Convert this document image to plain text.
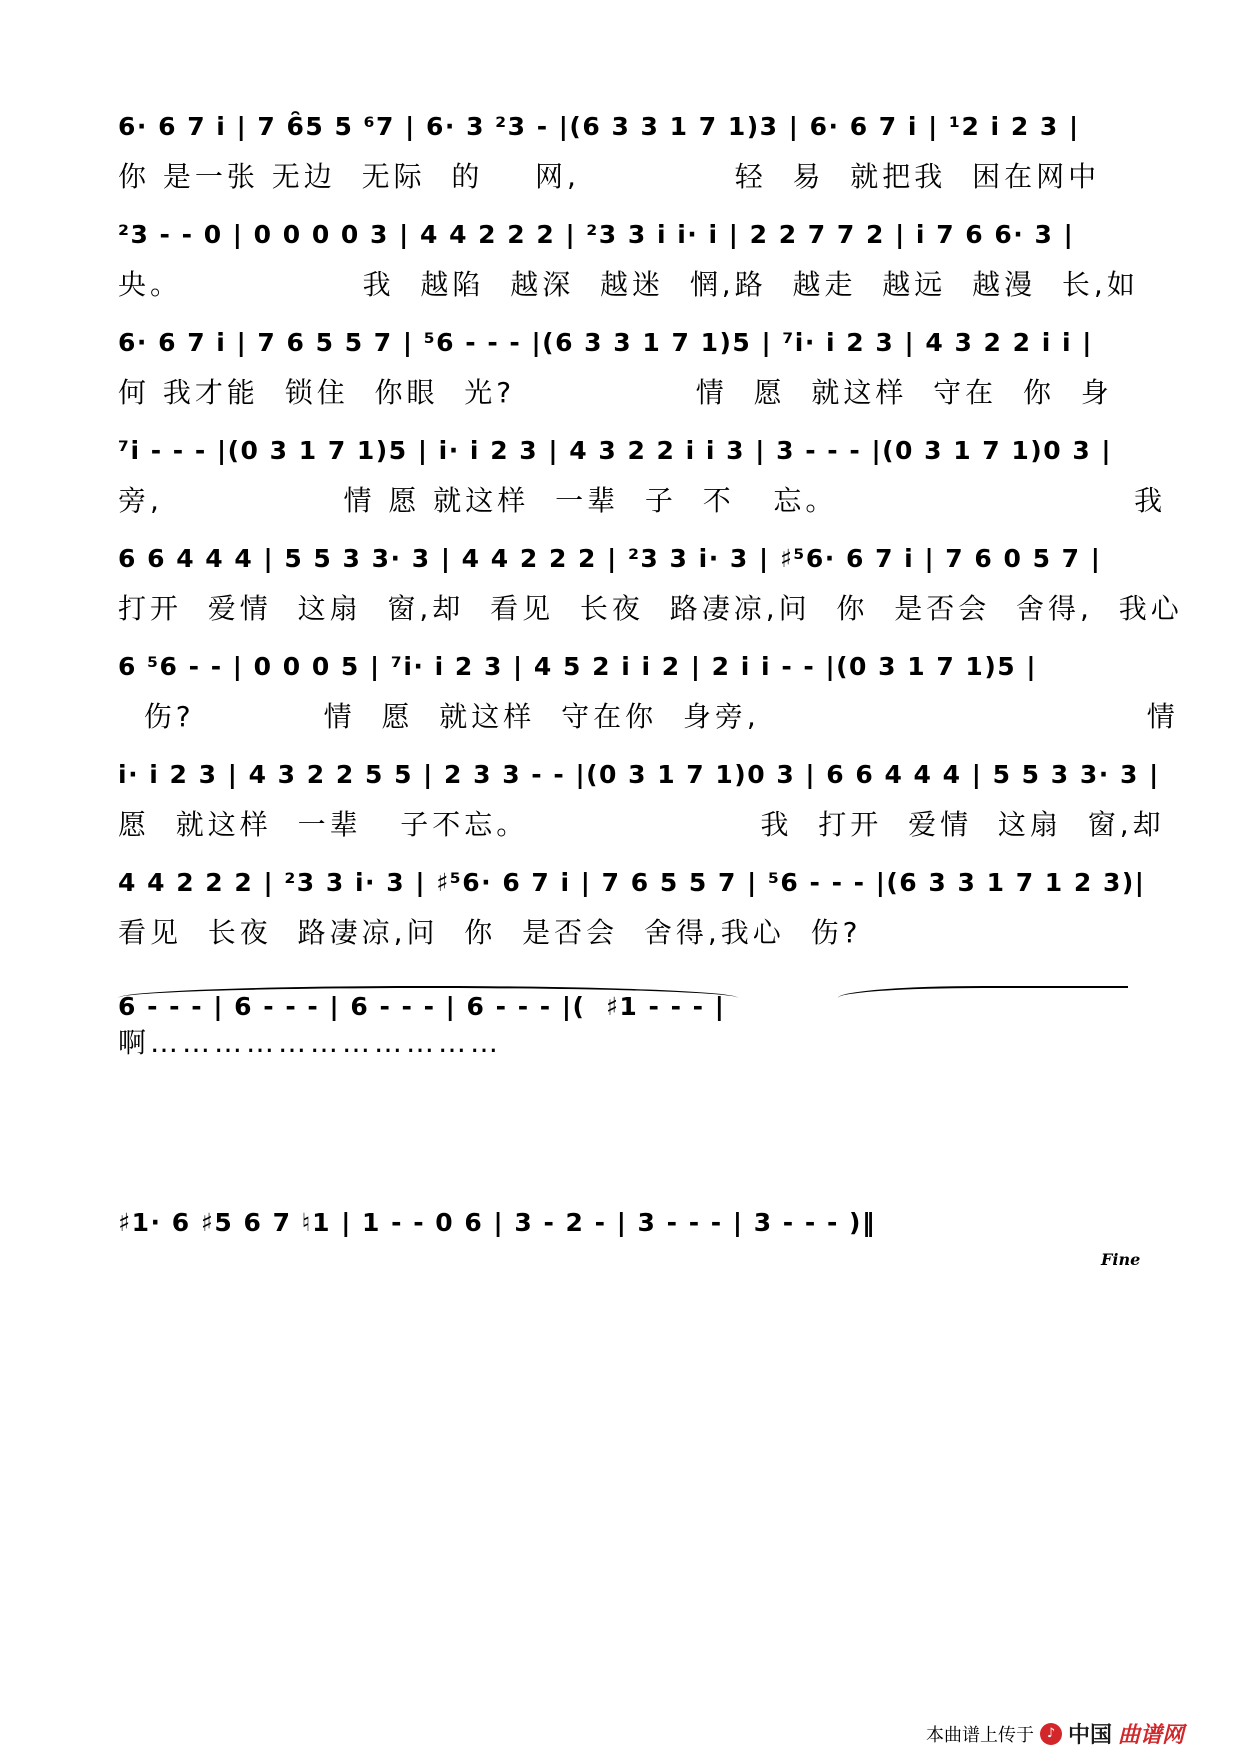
6· 6 7 i | 7 6̑5 5 ⁶7 | 6· 3 ²3 - |(6 3 3 1 7 1)3 | 6· 6 7 i | ¹2 i 2 3 |
你 是一张 无边  无际  的    网,            轻  易  就把我  困在网中
²3 - - 0 | 0 0 0 0 3 | 4 4 2 2 2 | ²3 3 i i· i | 2 2 7 7 2 | i 7 6 6· 3 |
央。              我  越陷  越深  越迷  惘,路  越走  越远  越漫  长,如
6· 6 7 i | 7 6 5 5 7 | ⁵6 - - - |(6 3 3 1 7 1)5 | ⁷i· i 2 3 | 4 3 2 2 i i |
何 我才能  锁住  你眼  光?              情  愿  就这样  守在  你  身
⁷i - - - |(0 3 1 7 1)5 | i· i 2 3 | 4 3 2 2 i i 3 | 3 - - - |(0 3 1 7 1)0 3 |
旁,              情 愿 就这样  一辈  子  不   忘。                       我
6 6 4 4 4 | 5 5 3 3· 3 | 4 4 2 2 2 | ²3 3 i· 3 | ♯⁵6· 6 7 i | 7 6 0 5 7 |
打开  爱情  这扇  窗,却  看见  长夜  路凄凉,问  你  是否会  舍得,  我心
6 ⁵6 - - | 0 0 0 5 | ⁷i· i 2 3 | 4 5 2 i i 2 | 2 i i - - |(0 3 1 7 1)5 |
伤?          情  愿  就这样  守在你  身旁,                              情
i· i 2 3 | 4 3 2 2 5 5 | 2 3 3 - - |(0 3 1 7 1)0 3 | 6 6 4 4 4 | 5 5 3 3· 3 |
愿  就这样  一辈   子不忘。                  我  打开  爱情  这扇  窗,却
4 4 2 2 2 | ²3 3 i· 3 | ♯⁵6· 6 7 i | 7 6 5 5 7 | ⁵6 - - - |(6 3 3 1 7 1 2 3)|
看见  长夜  路凄凉,问  你  是否会  舍得,我心  伤?
6 - - - | 6 - - - | 6 - - - | 6 - - - |(  ♯1 - - - |
啊……………………………
♯1· 6 ♯5 6 7 ♮1 | 1 - - 0 6 | 3 - 2 - | 3 - - - | 3 - - - )‖
Fine
本曲谱上传于 ♪ 中国 曲谱网
